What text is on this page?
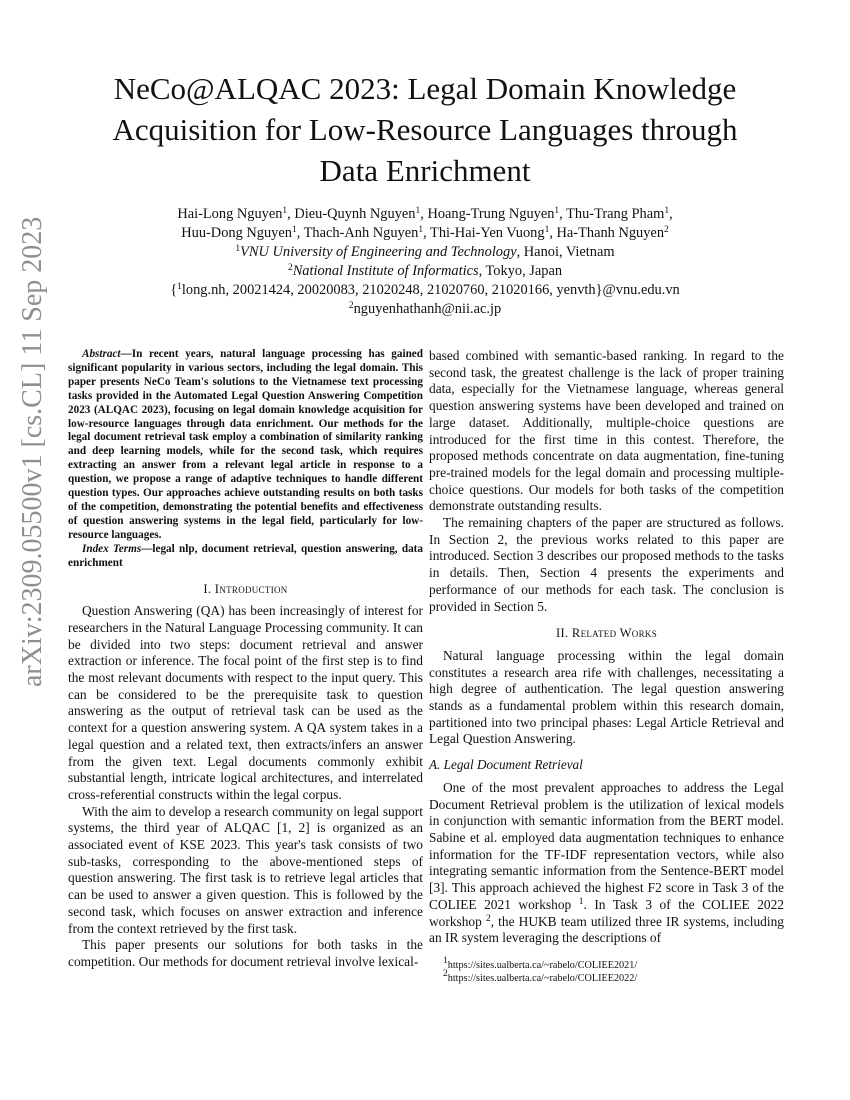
arXiv:2309.05500v1 [cs.CL] 11 Sep 2023
NeCo@ALQAC 2023: Legal Domain Knowledge
Acquisition for Low-Resource Languages through
Data Enrichment
Hai-Long Nguyen$^1$, Dieu-Quynh Nguyen$^1$, Hoang-Trung Nguyen$^1$, Thu-Trang Pham$^1$,
Huu-Dong Nguyen$^1$, Thach-Anh Nguyen$^1$, Thi-Hai-Yen Vuong$^1$, Ha-Thanh Nguyen$^2$
$^1$VNU University of Engineering and Technology, Hanoi, Vietnam
$^2$National Institute of Informatics, Tokyo, Japan
{$^1$long.nh, 20021424, 20020083, 21020248, 21020760, 21020166, yenvth}@vnu.edu.vn
$^2$nguyenhathanh@nii.ac.jp

Abstract—In recent years, natural language processing has gained significant popularity in various sectors, including the legal domain. This paper presents NeCo Team's solutions to the Vietnamese text processing tasks provided in the Automated Legal Question Answering Competition 2023 (ALQAC 2023), focusing on legal domain knowledge acquisition for low-resource languages through data enrichment. Our methods for the legal document retrieval task employ a combination of similarity ranking and deep learning models, while for the second task, which requires extracting an answer from a relevant legal article in response to a question, we propose a range of adaptive techniques to handle different question types. Our approaches achieve outstanding results on both tasks of the competition, demonstrating the potential benefits and effectiveness of question answering systems in the legal field, particularly for low-resource languages.

Index Terms—legal nlp, document retrieval, question answering, data enrichment

I. Introduction

Question Answering (QA) has been increasingly of interest for researchers in the Natural Language Processing community. It can be divided into two steps: document retrieval and answer extraction or inference. The focal point of the first step is to find the most relevant documents with respect to the input query. This can be considered to be the prerequisite task to question answering as the output of retrieval task can be used as the context for a question answering system. A QA system takes in a legal question and a related text, then extracts/infers an answer from the given text. Legal documents commonly exhibit substantial length, intricate logical architectures, and interrelated cross-referential constructs within the legal corpus.

With the aim to develop a research community on legal support systems, the third year of ALQAC [1, 2] is organized as an associated event of KSE 2023. This year's task consists of two sub-tasks, corresponding to the above-mentioned steps of question answering. The first task is to retrieve legal articles that can be used to answer a given question. This is followed by the second task, which focuses on answer extraction and inference from the context retrieved by the first task.

This paper presents our solutions for both tasks in the competition. Our methods for document retrieval involve lexical-

based combined with semantic-based ranking. In regard to the second task, the greatest challenge is the lack of proper training data, especially for the Vietnamese language, whereas general question answering systems have been developed and trained on large dataset. Additionally, multiple-choice questions are introduced for the first time in this contest. Therefore, the proposed methods concentrate on data augmentation, fine-tuning pre-trained models for the legal domain and processing multiple-choice questions. Our models for both tasks of the competition demonstrate outstanding results.

The remaining chapters of the paper are structured as follows. In Section 2, the previous works related to this paper are introduced. Section 3 describes our proposed methods to the tasks in details. Then, Section 4 presents the experiments and performance of our methods for each task. The conclusion is provided in Section 5.

II. Related Works

Natural language processing within the legal domain constitutes a research area rife with challenges, necessitating a high degree of authentication. The legal question answering stands as a fundamental problem within this research domain, partitioned into two principal phases: Legal Article Retrieval and Legal Question Answering.

A. Legal Document Retrieval

One of the most prevalent approaches to address the Legal Document Retrieval problem is the utilization of lexical models in conjunction with semantic information from the BERT model. Sabine et al. employed data augmentation techniques to enhance information for the TF-IDF representation vectors, while also integrating semantic information from the Sentence-BERT model [3]. This approach achieved the highest F2 score in Task 3 of the COLIEE 2021 workshop $^1$. In Task 3 of the COLIEE 2022 workshop $^2$, the HUKB team utilized three IR systems, including an IR system leveraging the descriptions of

$^1$https://sites.ualberta.ca/~rabelo/COLIEE2021/
$^2$https://sites.ualberta.ca/~rabelo/COLIEE2022/
